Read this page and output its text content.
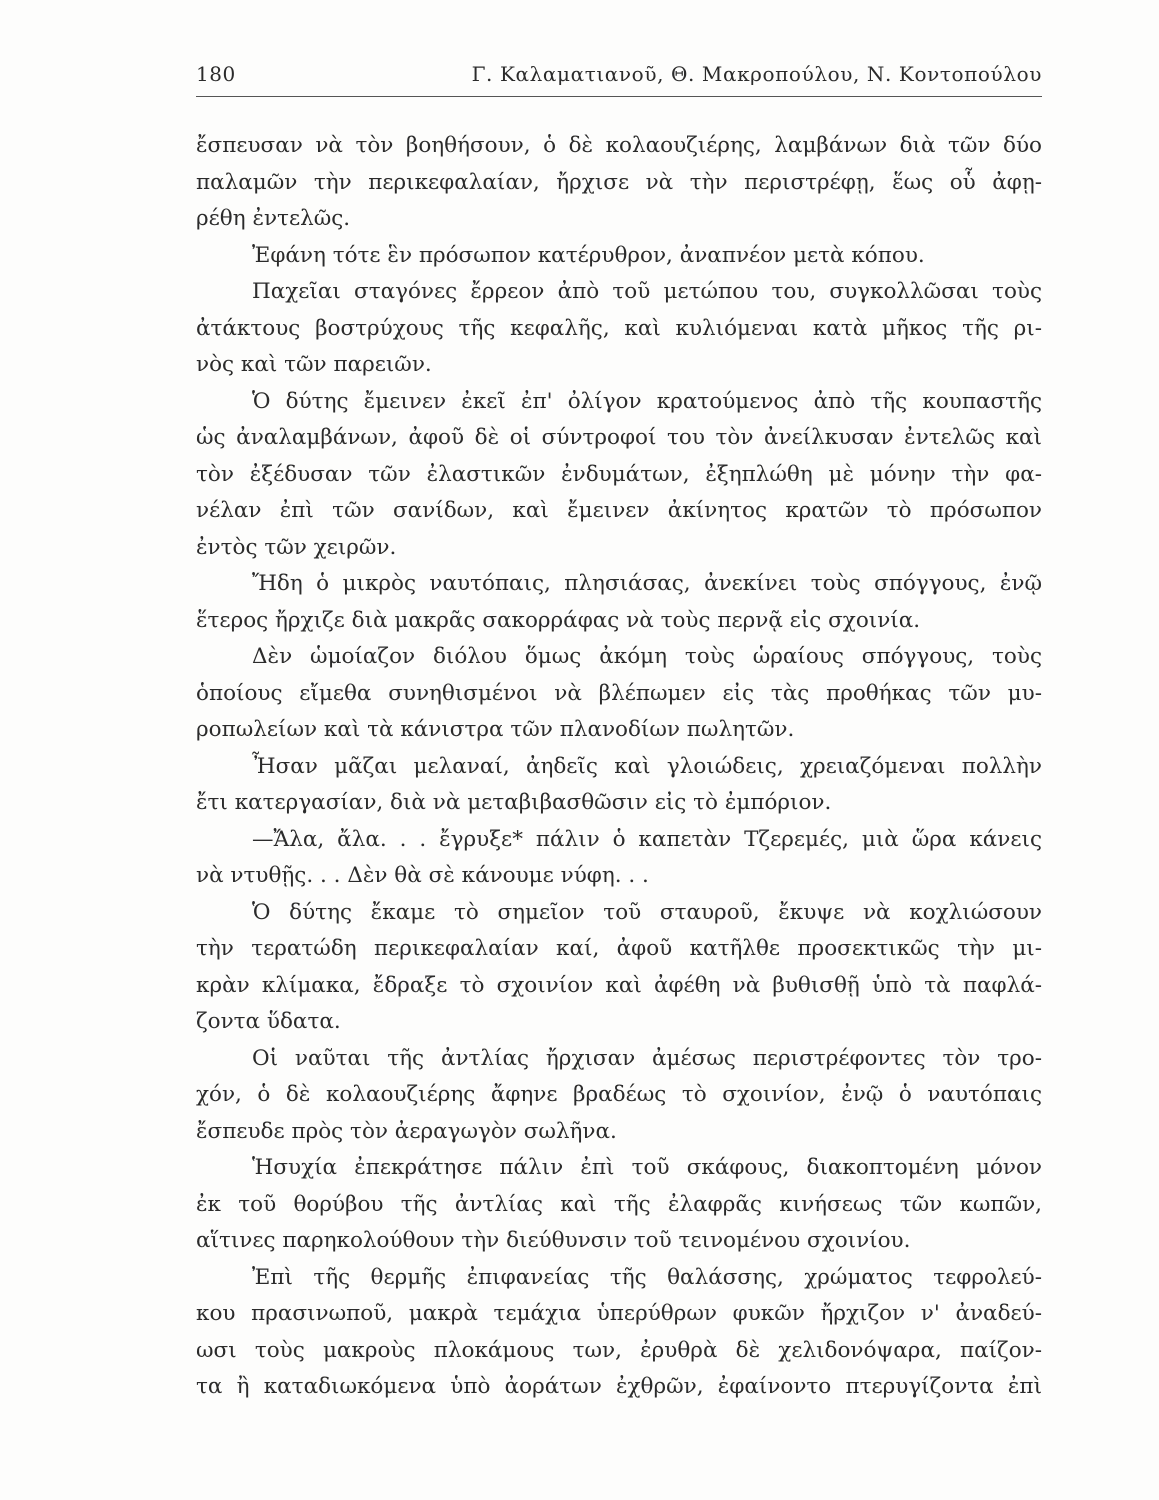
180	Γ. Καλαματιανοῦ, Θ. Μακροπούλου, Ν. Κοντοπούλου
ἔσπευσαν νὰ τὸν βοηθήσουν, ὁ δὲ κολαουζιέρης, λαμβάνων διὰ τῶν δύο
παλαμῶν τὴν περικεφαλαίαν, ἤρχισε νὰ τὴν περιστρέφῃ, ἕως οὗ ἀφῃ-
ρέθη ἐντελῶς.
Ἐφάνη τότε ἓν πρόσωπον κατέρυθρον, ἀναπνέον μετὰ κόπου.
Παχεῖαι σταγόνες ἔρρεον ἀπὸ τοῦ μετώπου του, συγκολλῶσαι τοὺς
ἀτάκτους βοστρύχους τῆς κεφαλῆς, καὶ κυλιόμεναι κατὰ μῆκος τῆς ρι-
νὸς καὶ τῶν παρειῶν.
Ὁ δύτης ἔμεινεν ἐκεῖ ἐπ' ὀλίγον κρατούμενος ἀπὸ τῆς κουπαστῆς
ὡς ἀναλαμβάνων, ἀφοῦ δὲ οἱ σύντροφοί του τὸν ἀνείλκυσαν ἐντελῶς καὶ
τὸν ἐξέδυσαν τῶν ἐλαστικῶν ἐνδυμάτων, ἐξηπλώθη μὲ μόνην τὴν φα-
νέλαν ἐπὶ τῶν σανίδων, καὶ ἔμεινεν ἀκίνητος κρατῶν τὸ πρόσωπον
ἐντὸς τῶν χειρῶν.
Ἤδη ὁ μικρὸς ναυτόπαις, πλησιάσας, ἀνεκίνει τοὺς σπόγγους, ἐνῷ
ἕτερος ἤρχιζε διὰ μακρᾶς σακορράφας νὰ τοὺς περνᾷ εἰς σχοινία.
Δὲν ὡμοίαζον διόλου ὅμως ἀκόμη τοὺς ὡραίους σπόγγους, τοὺς
ὁποίους εἴμεθα συνηθισμένοι νὰ βλέπωμεν εἰς τὰς προθήκας τῶν μυ-
ροπωλείων καὶ τὰ κάνιστρα τῶν πλανοδίων πωλητῶν.
Ἦσαν μᾶζαι μελαναί, ἀηδεῖς καὶ γλοιώδεις, χρειαζόμεναι πολλὴν
ἔτι κατεργασίαν, διὰ νὰ μεταβιβασθῶσιν εἰς τὸ ἐμπόριον.
—Ἄλα, ἄλα. . . ἔγρυξε* πάλιν ὁ καπετὰν Τζερεμές, μιὰ ὥρα κάνεις
νὰ ντυθῇς. . . Δὲν θὰ σὲ κάνουμε νύφη. . .
Ὁ δύτης ἔκαμε τὸ σημεῖον τοῦ σταυροῦ, ἔκυψε νὰ κοχλιώσουν
τὴν τερατώδη περικεφαλαίαν καί, ἀφοῦ κατῆλθε προσεκτικῶς τὴν μι-
κρὰν κλίμακα, ἔδραξε τὸ σχοινίον καὶ ἀφέθη νὰ βυθισθῇ ὑπὸ τὰ παφλά-
ζοντα ὕδατα.
Οἱ ναῦται τῆς ἀντλίας ἤρχισαν ἀμέσως περιστρέφοντες τὸν τρο-
χόν, ὁ δὲ κολαουζιέρης ἄφηνε βραδέως τὸ σχοινίον, ἐνῷ ὁ ναυτόπαις
ἔσπευδε πρὸς τὸν ἀεραγωγὸν σωλῆνα.
Ἡσυχία ἐπεκράτησε πάλιν ἐπὶ τοῦ σκάφους, διακοπτομένη μόνον
ἐκ τοῦ θορύβου τῆς ἀντλίας καὶ τῆς ἐλαφρᾶς κινήσεως τῶν κωπῶν,
αἵτινες παρηκολούθουν τὴν διεύθυνσιν τοῦ τεινομένου σχοινίου.
Ἐπὶ τῆς θερμῆς ἐπιφανείας τῆς θαλάσσης, χρώματος τεφρολεύ-
κου πρασινωποῦ, μακρὰ τεμάχια ὑπερύθρων φυκῶν ἤρχιζον ν' ἀναδεύ-
ωσι τοὺς μακροὺς πλοκάμους των, ἐρυθρὰ δὲ χελιδονόψαρα, παίζον-
τα ἢ καταδιωκόμενα ὑπὸ ἀοράτων ἐχθρῶν, ἐφαίνοντο πτερυγίζοντα ἐπὶ
